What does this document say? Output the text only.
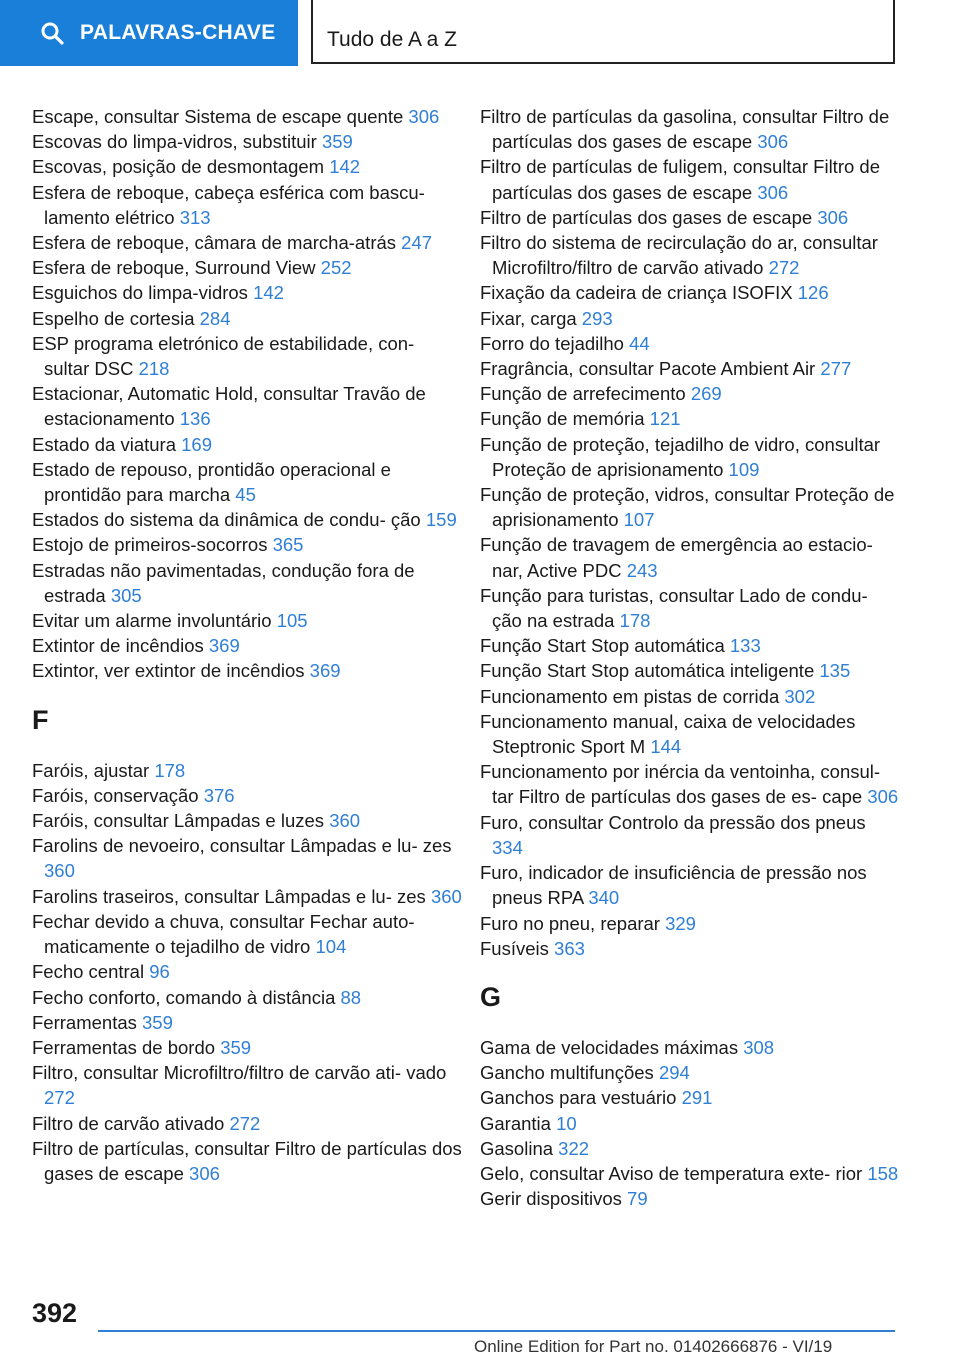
PALAVRAS-CHAVE Tudo de A a Z

Escape, consultar Sistema de escape quente 306

Escovas do limpa-vidros, substituir 359

Escovas, posição de desmontagem 142

Esfera de reboque, cabeça esférica com bascu- lamento elétrico 313

Esfera de reboque, câmara de marcha-atrás 247

Esfera de reboque, Surround View 252

Esguichos do limpa-vidros 142

Espelho de cortesia 284

ESP programa eletrónico de estabilidade, con- sultar DSC 218

Estacionar, Automatic Hold, consultar Travão de estacionamento 136

Estado da viatura 169

Estado de repouso, prontidão operacional e prontidão para marcha 45

Estados do sistema da dinâmica de condu- ção 159

Estojo de primeiros-socorros 365

Estradas não pavimentadas, condução fora de estrada 305

Evitar um alarme involuntário 105

Extintor de incêndios 369

Extintor, ver extintor de incêndios 369

F

Faróis, ajustar 178

Faróis, conservação 376

Faróis, consultar Lâmpadas e luzes 360

Farolins de nevoeiro, consultar Lâmpadas e lu- zes 360

Farolins traseiros, consultar Lâmpadas e lu- zes 360

Fechar devido a chuva, consultar Fechar auto- maticamente o tejadilho de vidro 104

Fecho central 96

Fecho conforto, comando à distância 88

Ferramentas 359

Ferramentas de bordo 359

Filtro, consultar Microfiltro/filtro de carvão ati- vado 272

Filtro de carvão ativado 272

Filtro de partículas, consultar Filtro de partículas dos gases de escape 306

Filtro de partículas da gasolina, consultar Filtro de partículas dos gases de escape 306

Filtro de partículas de fuligem, consultar Filtro de partículas dos gases de escape 306

Filtro de partículas dos gases de escape 306

Filtro do sistema de recirculação do ar, consultar Microfiltro/filtro de carvão ativado 272

Fixação da cadeira de criança ISOFIX 126

Fixar, carga 293

Forro do tejadilho 44

Fragrância, consultar Pacote Ambient Air 277

Função de arrefecimento 269

Função de memória 121

Função de proteção, tejadilho de vidro, consultar Proteção de aprisionamento 109

Função de proteção, vidros, consultar Proteção de aprisionamento 107

Função de travagem de emergência ao estacio- nar, Active PDC 243

Função para turistas, consultar Lado de condu- ção na estrada 178

Função Start Stop automática 133

Função Start Stop automática inteligente 135

Funcionamento em pistas de corrida 302

Funcionamento manual, caixa de velocidades Steptronic Sport M 144

Funcionamento por inércia da ventoinha, consul- tar Filtro de partículas dos gases de es- cape 306

Furo, consultar Controlo da pressão dos pneus 334

Furo, indicador de insuficiência de pressão nos pneus RPA 340

Furo no pneu, reparar 329

Fusíveis 363

G

Gama de velocidades máximas 308

Gancho multifunções 294

Ganchos para vestuário 291

Garantia 10

Gasolina 322

Gelo, consultar Aviso de temperatura exte- rior 158

Gerir dispositivos 79

392
Online Edition for Part no. 01402666876 - VI/19
